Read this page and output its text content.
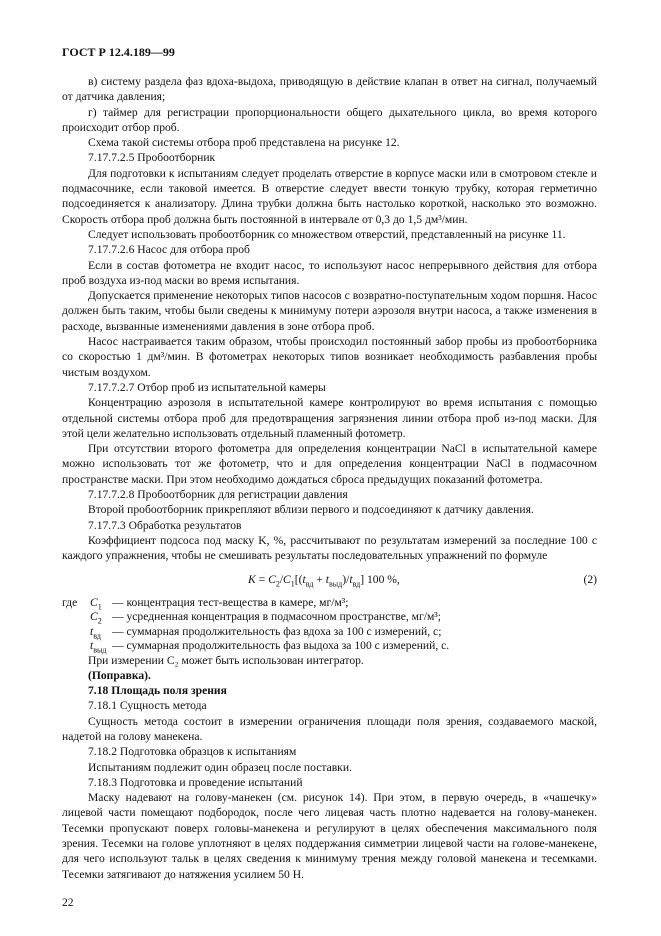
ГОСТ Р 12.4.189—99

в) систему раздела фаз вдоха-выдоха, приводящую в действие клапан в ответ на сигнал, получаемый от датчика давления;

г) таймер для регистрации пропорциональности общего дыхательного цикла, во время которого происходит отбор проб.

Схема такой системы отбора проб представлена на рисунке 12.

7.17.7.2.5 Пробоотборник

Для подготовки к испытаниям следует проделать отверстие в корпусе маски или в смотровом стекле и подмасочнике, если таковой имеется. В отверстие следует ввести тонкую трубку, которая герметично подсоединяется к анализатору. Длина трубки должна быть настолько короткой, насколько это возможно. Скорость отбора проб должна быть постоянной в интервале от 0,3 до 1,5 дм³/мин.

Следует использовать пробоотборник со множеством отверстий, представленный на рисунке 11.

7.17.7.2.6 Насос для отбора проб

Если в состав фотометра не входит насос, то используют насос непрерывного действия для отбора проб воздуха из-под маски во время испытания.

Допускается применение некоторых типов насосов с возвратно-поступательным ходом поршня. Насос должен быть таким, чтобы были сведены к минимуму потери аэрозоля внутри насоса, а также изменения в расходе, вызванные изменениями давления в зоне отбора проб.

Насос настраивается таким образом, чтобы происходил постоянный забор пробы из пробоотборника со скоростью 1 дм³/мин. В фотометрах некоторых типов возникает необходимость разбавления пробы чистым воздухом.

7.17.7.2.7 Отбор проб из испытательной камеры

Концентрацию аэрозоля в испытательной камере контролируют во время испытания с помощью отдельной системы отбора проб для предотвращения загрязнения линии отбора проб из-под маски. Для этой цели желательно использовать отдельный пламенный фотометр.

При отсутствии второго фотометра для определения концентрации NaCl в испытательной камере можно использовать тот же фотометр, что и для определения концентрации NaCl в подмасочном пространстве маски. При этом необходимо дождаться сброса предыдущих показаний фотометра.

7.17.7.2.8 Пробоотборник для регистрации давления

Второй пробоотборник прикрепляют вблизи первого и подсоединяют к датчику давления.

7.17.7.3 Обработка результатов

Коэффициент подсоса под маску K, %, рассчитывают по результатам измерений за последние 100 с каждого упражнения, чтобы не смешивать результаты последовательных упражнений по формуле

$K = C_2/C_1[(t_{вд} + t_{выд})/t_{вд}]$ 100 %,	(2)
где $C_1$ — концентрация тест-вещества в камере, мг/м³;
$C_2$ — усредненная концентрация в подмасочном пространстве, мг/м³;
$t_{вд}$ — суммарная продолжительность фаз вдоха за 100 с измерений, с;
$t_{выд}$ — суммарная продолжительность фаз выдоха за 100 с измерений, с.

При измерении C₂ может быть использован интегратор.

(Поправка).

7.18 Площадь поля зрения

7.18.1 Сущность метода

Сущность метода состоит в измерении ограничения площади поля зрения, создаваемого маской, надетой на голову манекена.

7.18.2 Подготовка образцов к испытаниям

Испытаниям подлежит один образец после поставки.

7.18.3 Подготовка и проведение испытаний

Маску надевают на голову-манекен (см. рисунок 14). При этом, в первую очередь, в «чашечку» лицевой части помещают подбородок, после чего лицевая часть плотно надевается на голову-манекен. Тесемки пропускают поверх головы-манекена и регулируют в целях обеспечения максимального поля зрения. Тесемки на голове уплотняют в целях поддержания симметрии лицевой части на голове-манекене, для чего используют тальк в целях сведения к минимуму трения между головой манекена и тесемками. Тесемки затягивают до натяжения усилием 50 Н.

22
